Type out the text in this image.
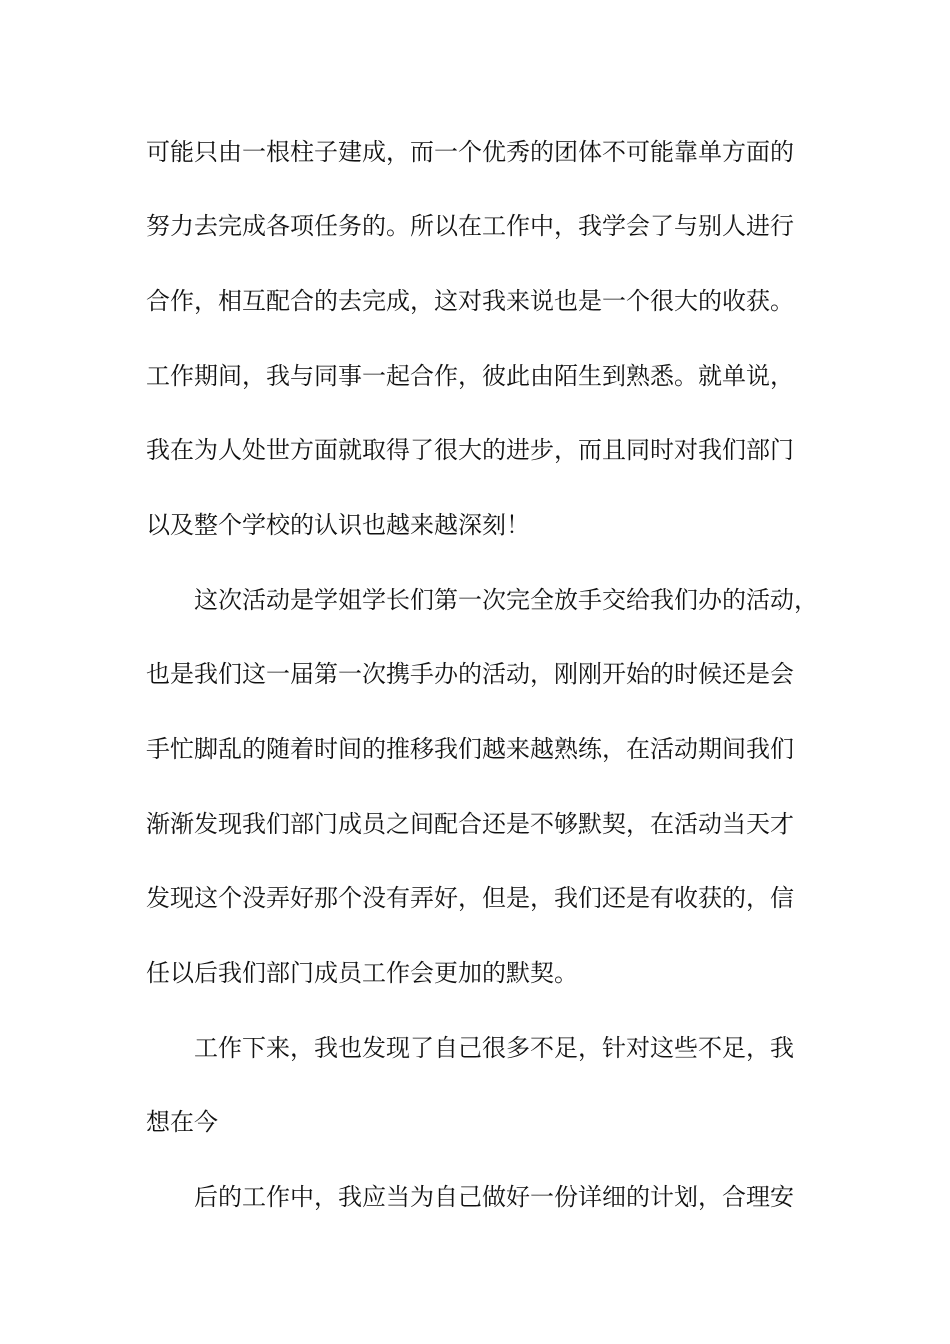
可能只由一根柱子建成，而一个优秀的团体不可能靠单方面的
努力去完成各项任务的。所以在工作中，我学会了与别人进行
合作，相互配合的去完成，这对我来说也是一个很大的收获。
工作期间，我与同事一起合作，彼此由陌生到熟悉。就单说，
我在为人处世方面就取得了很大的进步，而且同时对我们部门
以及整个学校的认识也越来越深刻！
这次活动是学姐学长们第一次完全放手交给我们办的活动，
也是我们这一届第一次携手办的活动，刚刚开始的时候还是会
手忙脚乱的随着时间的推移我们越来越熟练，在活动期间我们
渐渐发现我们部门成员之间配合还是不够默契，在活动当天才
发现这个没弄好那个没有弄好，但是，我们还是有收获的，信
任以后我们部门成员工作会更加的默契。
工作下来，我也发现了自己很多不足，针对这些不足，我
想在今
后的工作中，我应当为自己做好一份详细的计划，合理安
